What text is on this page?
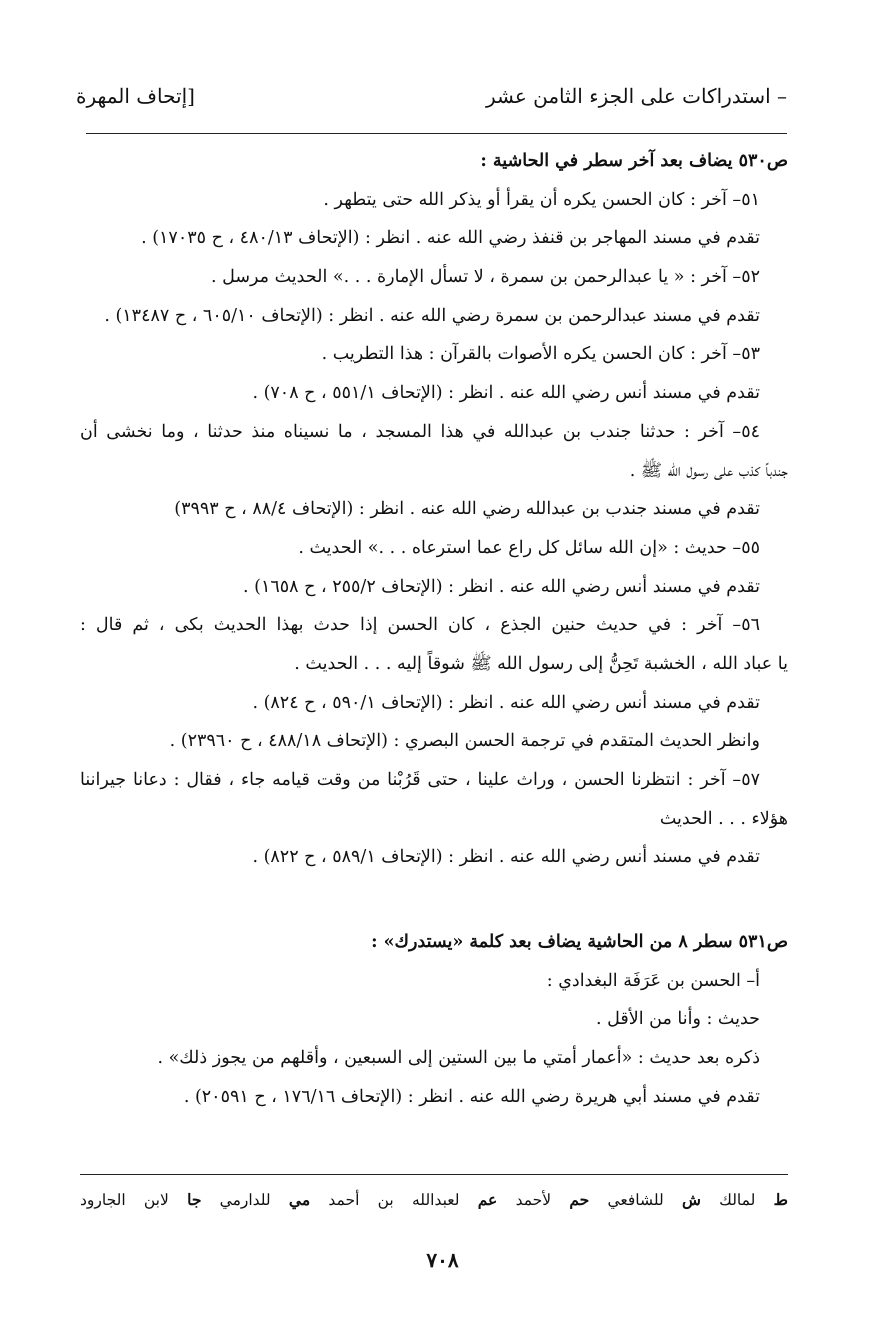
– استدراكات على الجزء الثامن عشر
[إتحاف المهرة
ص٥٣٠ يضاف بعد آخر سطر في الحاشية :
٥١– آخر : كان الحسن يكره أن يقرأ أو يذكر الله حتى يتطهر .
تقدم في مسند المهاجر بن قنفذ رضي الله عنه . انظر : (الإتحاف ٤٨٠/١٣ ، ح ١٧٠٣٥) .
٥٢– آخر : « يا عبدالرحمن بن سمرة ، لا تسأل الإمارة . . .» الحديث مرسل .
تقدم في مسند عبدالرحمن بن سمرة رضي الله عنه . انظر : (الإتحاف ٦٠٥/١٠ ، ح ١٣٤٨٧) .
٥٣– آخر : كان الحسن يكره الأصوات بالقرآن : هذا التطريب .
تقدم في مسند أنس رضي الله عنه . انظر : (الإتحاف ٥٥١/١ ، ح ٧٠٨) .
٥٤– آخر : حدثنا جندب بن عبدالله في هذا المسجد ، ما نسيناه منذ حدثنا ، وما نخشى أن
جندباً كذب على رسول الله ﷺ .
تقدم في مسند جندب بن عبدالله رضي الله عنه . انظر : (الإتحاف ٨٨/٤ ، ح ٣٩٩٣)
٥٥– حديث : «إن الله سائل كل راع عما استرعاه . . .» الحديث .
تقدم في مسند أنس رضي الله عنه . انظر : (الإتحاف ٢٥٥/٢ ، ح ١٦٥٨) .
٥٦– آخر : في حديث حنين الجذع ، كان الحسن إذا حدث بهذا الحديث بكى ، ثم قال :
يا عباد الله ، الخشبة تَحِنُّ إلى رسول الله ﷺ شوقاً إليه . . . الحديث .
تقدم في مسند أنس رضي الله عنه . انظر : (الإتحاف ٥٩٠/١ ، ح ٨٢٤) .
وانظر الحديث المتقدم في ترجمة الحسن البصري : (الإتحاف ٤٨٨/١٨ ، ح ٢٣٩٦٠) .
٥٧– آخر : انتظرنا الحسن ، وراث علينا ، حتى قَرُبْنا من وقت قيامه جاء ، فقال : دعانا جيراننا
هؤلاء . . . الحديث
تقدم في مسند أنس رضي الله عنه . انظر : (الإتحاف ٥٨٩/١ ، ح ٨٢٢) .
ص٥٣١ سطر ٨ من الحاشية يضاف بعد كلمة «يستدرك» :
أ– الحسن بن عَرَفَة البغدادي :
حديث : وأنا من الأقل .
ذكره بعد حديث : «أعمار أمتي ما بين الستين إلى السبعين ، وأقلهم من يجوز ذلك» .
تقدم في مسند أبي هريرة رضي الله عنه . انظر : (الإتحاف ١٧٦/١٦ ، ح ٢٠٥٩١) .
ط لمالك ش للشافعي حم لأحمد عم لعبدالله بن أحمد مي للدارمي جا لابن الجارود
٧٠٨
